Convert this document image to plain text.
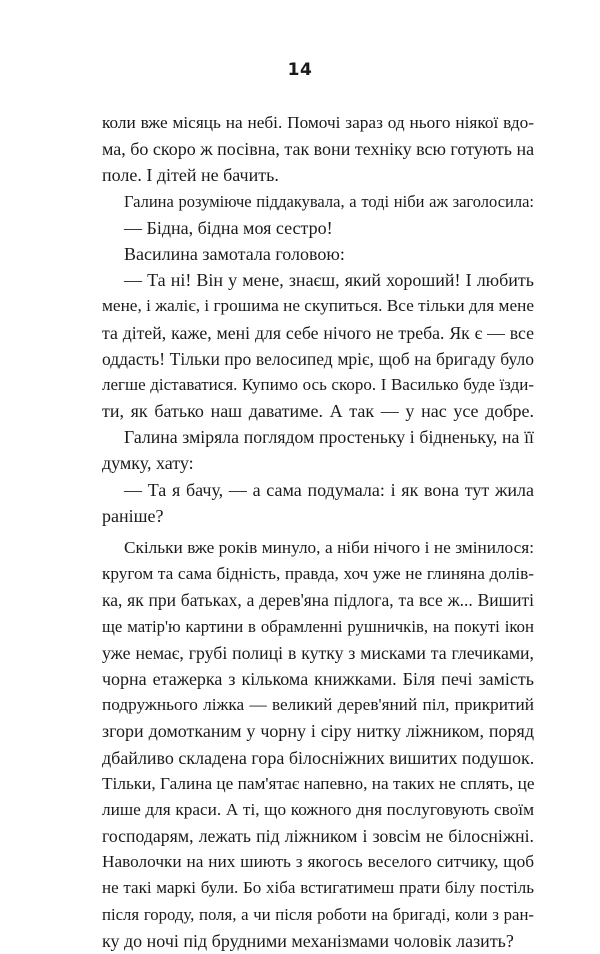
14
коли вже місяць на небі. Помочі зараз од нього ніякої вдо-
ма, бо скоро ж посівна, так вони техніку всю готують на
поле. І дітей не бачить.
Галина розуміюче піддакувала, а тоді ніби аж заголосила:
— Бідна, бідна моя сестро!
Василина замотала головою:
— Та ні! Він у мене, знаєш, який хороший! І любить
мене, і жаліє, і грошима не скупиться. Все тільки для мене
та дітей, каже, мені для себе нічого не треба. Як є — все
оддасть! Тільки про велосипед мріє, щоб на бригаду було
легше діставатися. Купимо ось скоро. І Василько буде їзди-
ти, як батько наш даватиме. А так — у нас усе добре.
Галина зміряла поглядом простеньку і бідненьку, на її
думку, хату:
— Та я бачу, — а сама подумала: і як вона тут жила
раніше?
Скільки вже років минуло, а ніби нічого і не змінилося:
кругом та сама бідність, правда, хоч уже не глиняна долів-
ка, як при батьках, а дерев'яна підлога, та все ж... Вишиті
ще матір'ю картини в обрамленні рушничків, на покуті ікон
уже немає, грубі полиці в кутку з мисками та глечиками,
чорна етажерка з кількома книжками. Біля печі замість
подружнього ліжка — великий дерев'яний піл, прикритий
згори домотканим у чорну і сіру нитку ліжником, поряд
дбайливо складена гора білосніжних вишитих подушок.
Тільки, Галина це пам'ятає напевно, на таких не сплять, це
лише для краси. А ті, що кожного дня послуговують своїм
господарям, лежать під ліжником і зовсім не білосніжні.
Наволочки на них шиють з якогось веселого ситчику, щоб
не такі маркі були. Бо хіба встигатимеш прати білу постіль
після городу, поля, а чи після роботи на бригаді, коли з ран-
ку до ночі під брудними механізмами чоловік лазить?
